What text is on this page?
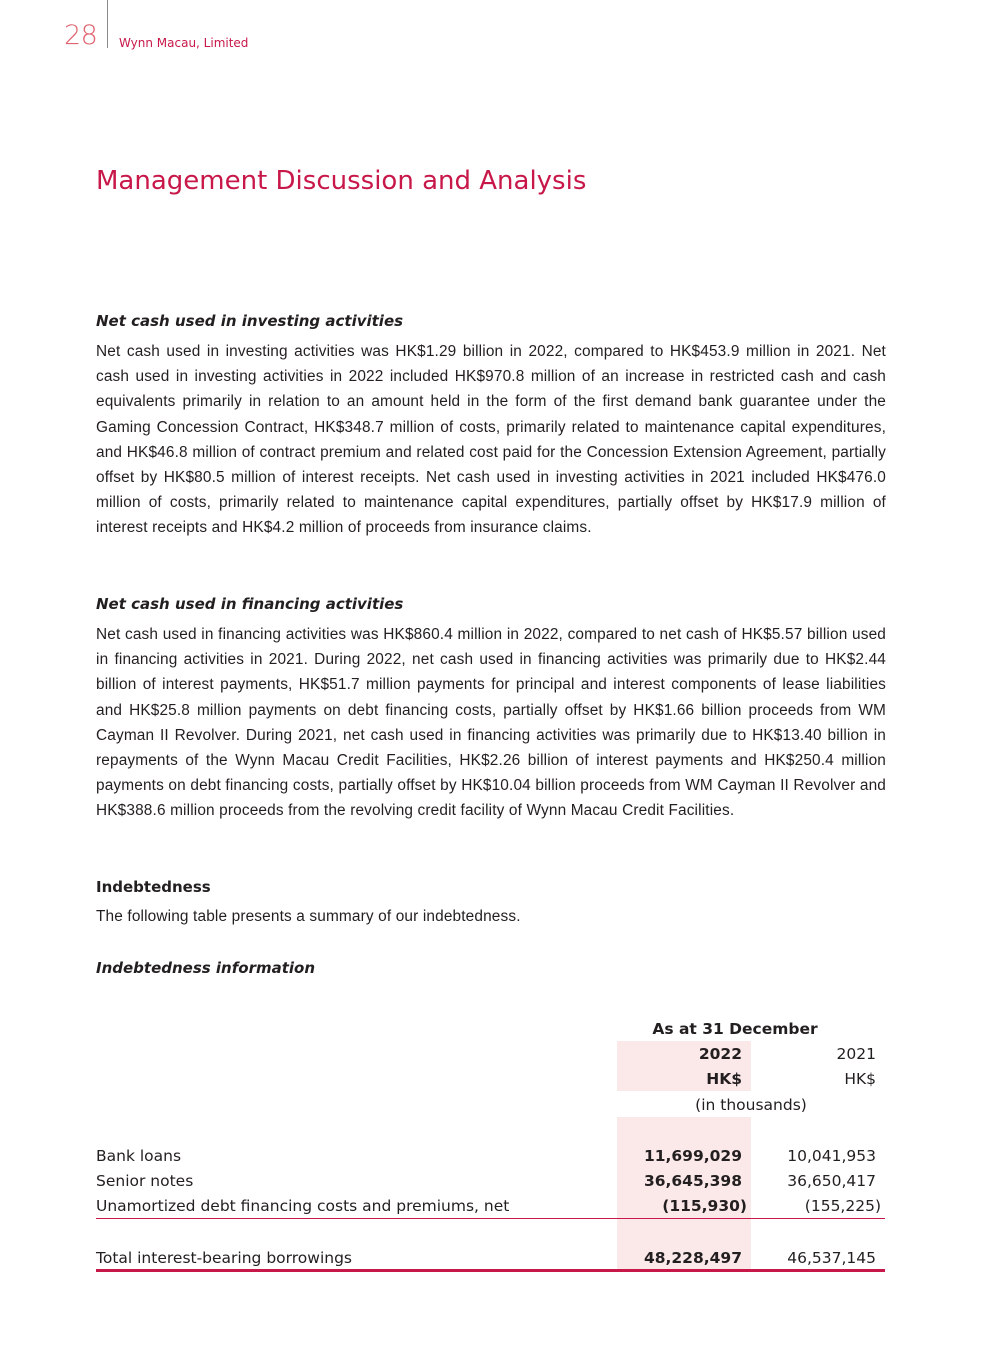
28 Wynn Macau, Limited
Management Discussion and Analysis

Net cash used in investing activities

Net cash used in investing activities was HK$1.29 billion in 2022, compared to HK$453.9 million in 2021. Net cash used in investing activities in 2022 included HK$970.8 million of an increase in restricted cash and cash equivalents primarily in relation to an amount held in the form of the first demand bank guarantee under the Gaming Concession Contract, HK$348.7 million of costs, primarily related to maintenance capital expenditures, and HK$46.8 million of contract premium and related cost paid for the Concession Extension Agreement, partially offset by HK$80.5 million of interest receipts. Net cash used in investing activities in 2021 included HK$476.0 million of costs, primarily related to maintenance capital expenditures, partially offset by HK$17.9 million of interest receipts and HK$4.2 million of proceeds from insurance claims.

Net cash used in financing activities

Net cash used in financing activities was HK$860.4 million in 2022, compared to net cash of HK$5.57 billion used in financing activities in 2021. During 2022, net cash used in financing activities was primarily due to HK$2.44 billion of interest payments, HK$51.7 million payments for principal and interest components of lease liabilities and HK$25.8 million payments on debt financing costs, partially offset by HK$1.66 billion proceeds from WM Cayman II Revolver. During 2021, net cash used in financing activities was primarily due to HK$13.40 billion in repayments of the Wynn Macau Credit Facilities, HK$2.26 billion of interest payments and HK$250.4 million payments on debt financing costs, partially offset by HK$10.04 billion proceeds from WM Cayman II Revolver and HK$388.6 million proceeds from the revolving credit facility of Wynn Macau Credit Facilities.

Indebtedness

The following table presents a summary of our indebtedness.

Indebtedness information

As at 31 December
2022	2021
HK$	HK$
(in thousands)
Bank loans	11,699,029	10,041,953
Senior notes	36,645,398	36,650,417
Unamortized debt financing costs and premiums, net	(115,930)	(155,225)
Total interest-bearing borrowings	48,228,497	46,537,145
